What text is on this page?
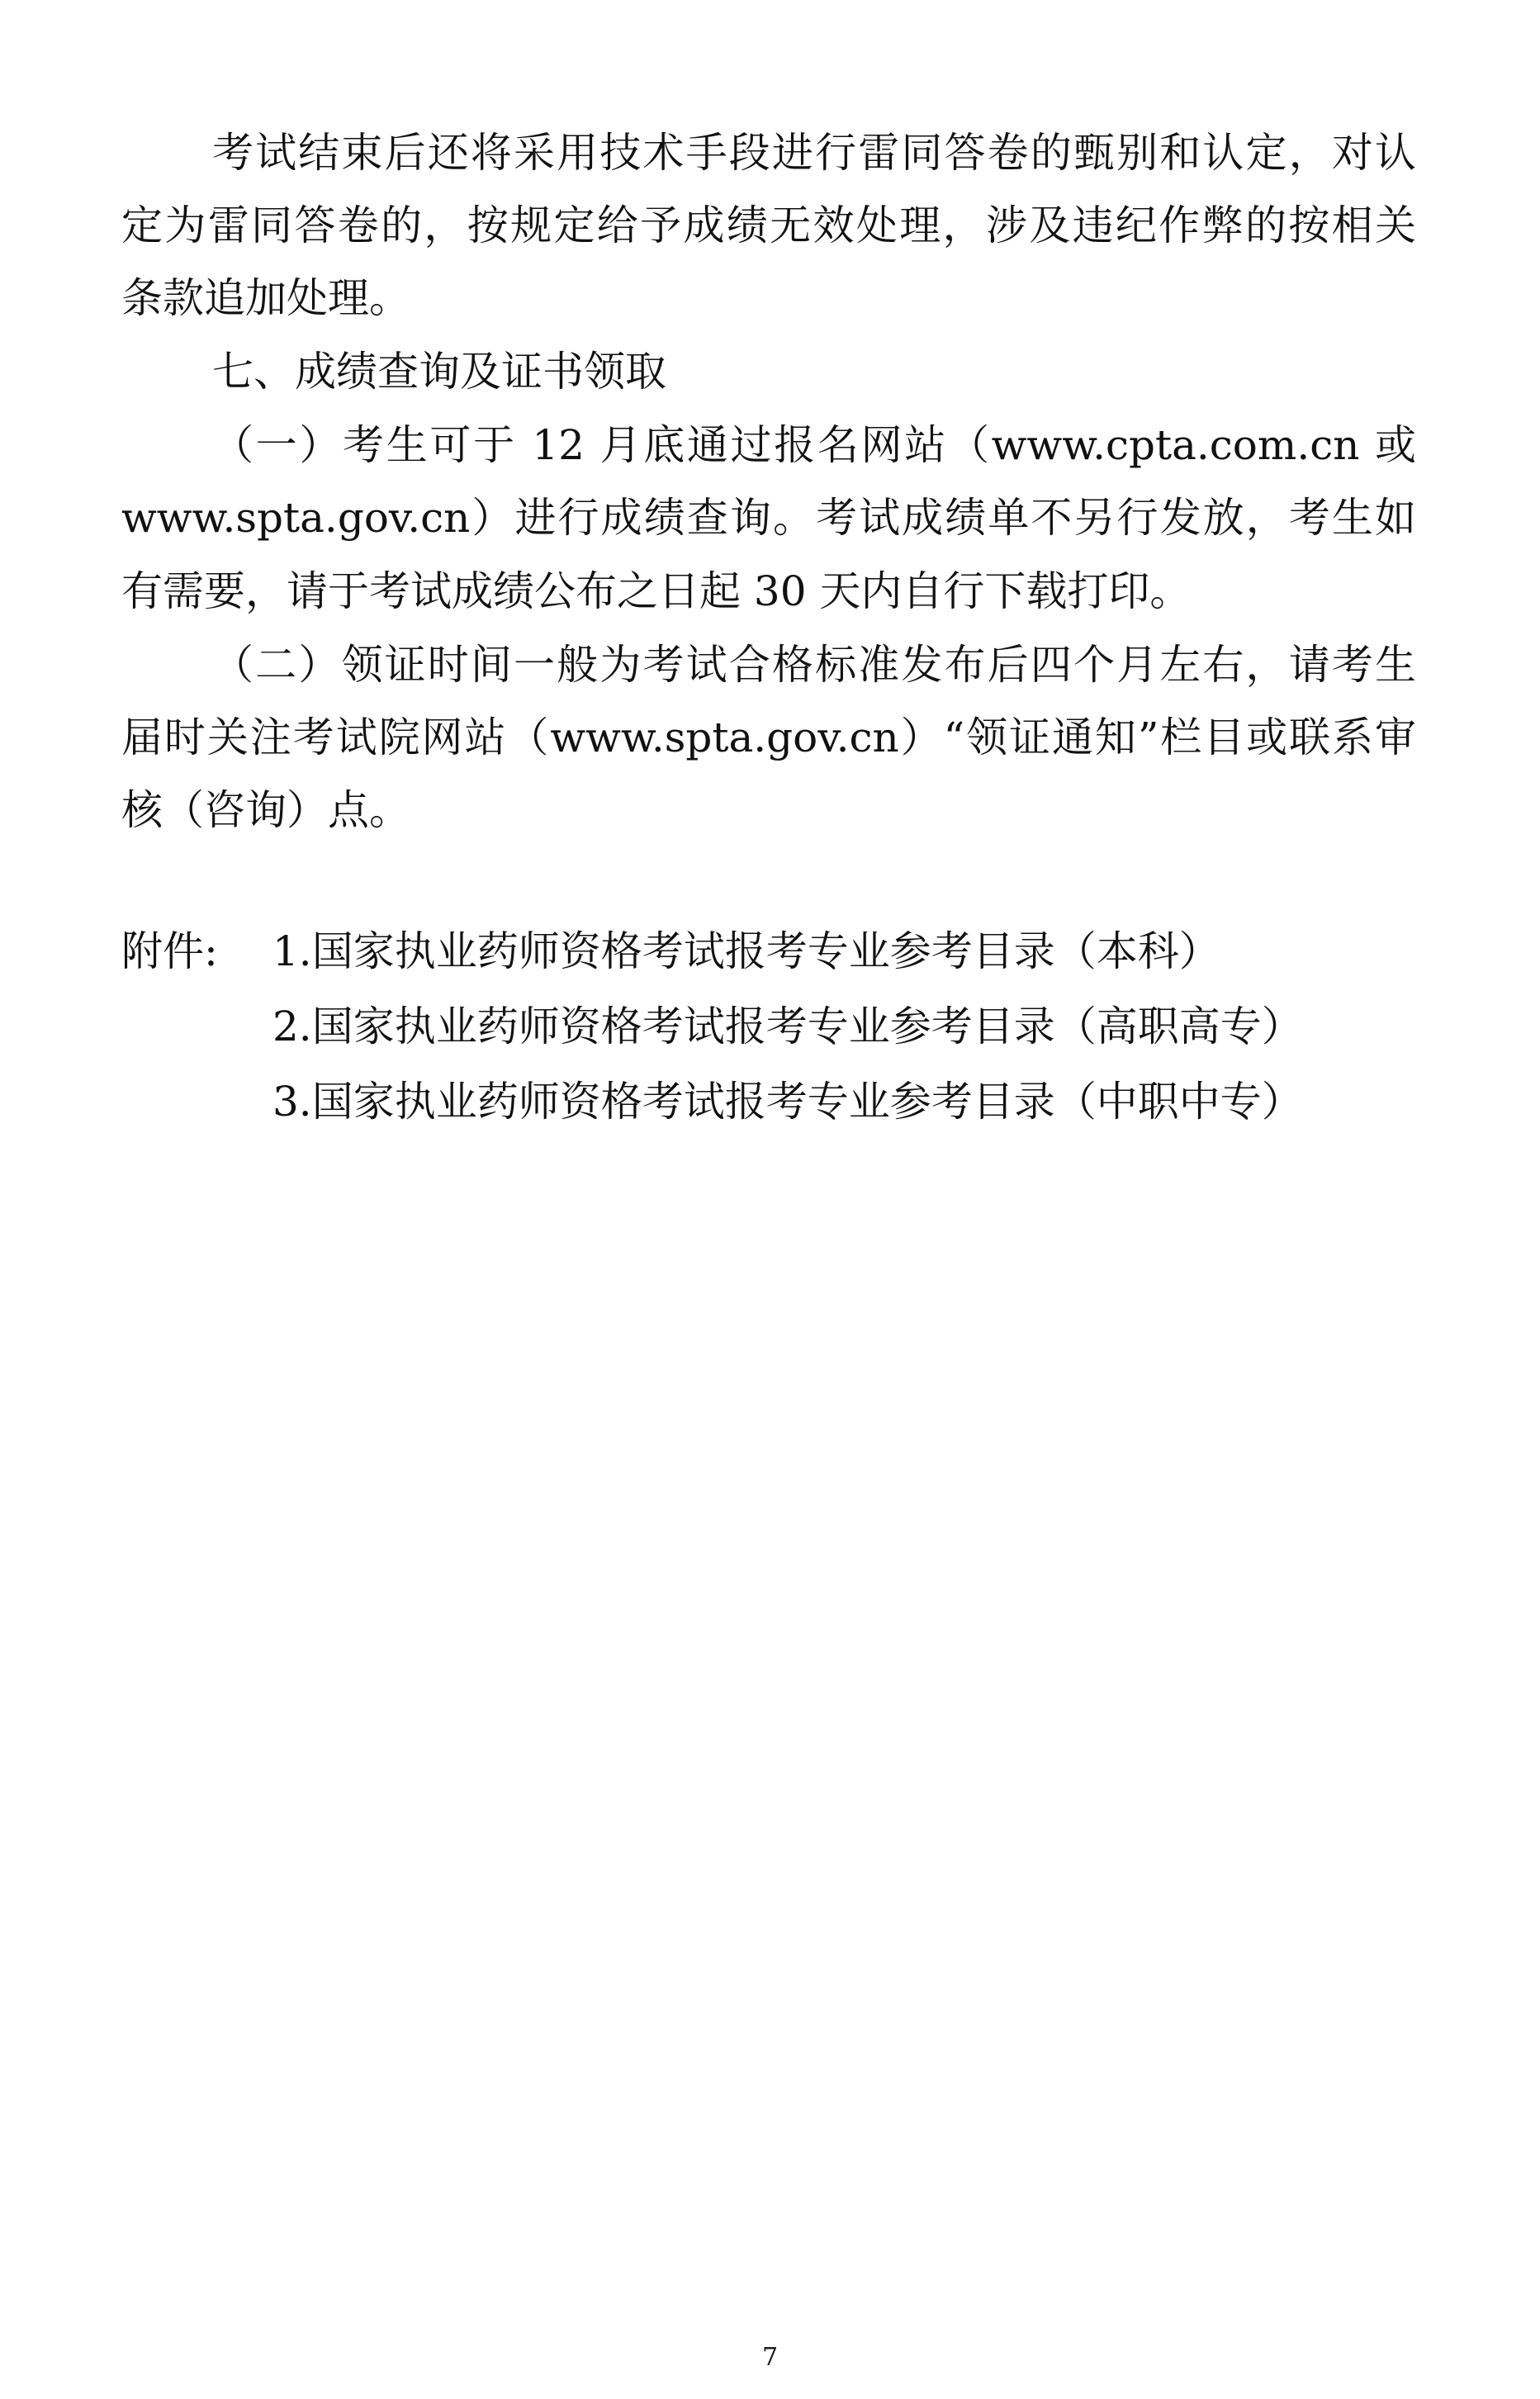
考试结束后还将采用技术手段进行雷同答卷的甄别和认定，对认
定为雷同答卷的，按规定给予成绩无效处理，涉及违纪作弊的按相关
条款追加处理。
七、成绩查询及证书领取
（一）考生可于 12 月底通过报名网站（www.cpta.com.cn 或
www.spta.gov.cn）进行成绩查询。考试成绩单不另行发放，考生如
有需要，请于考试成绩公布之日起 30 天内自行下载打印。
（二）领证时间一般为考试合格标准发布后四个月左右，请考生
届时关注考试院网站（www.spta.gov.cn）“领证通知”栏目或联系审
核（咨询）点。
附件: 1.国家执业药师资格考试报考专业参考目录（本科）
2.国家执业药师资格考试报考专业参考目录（高职高专）
3.国家执业药师资格考试报考专业参考目录（中职中专）
7
